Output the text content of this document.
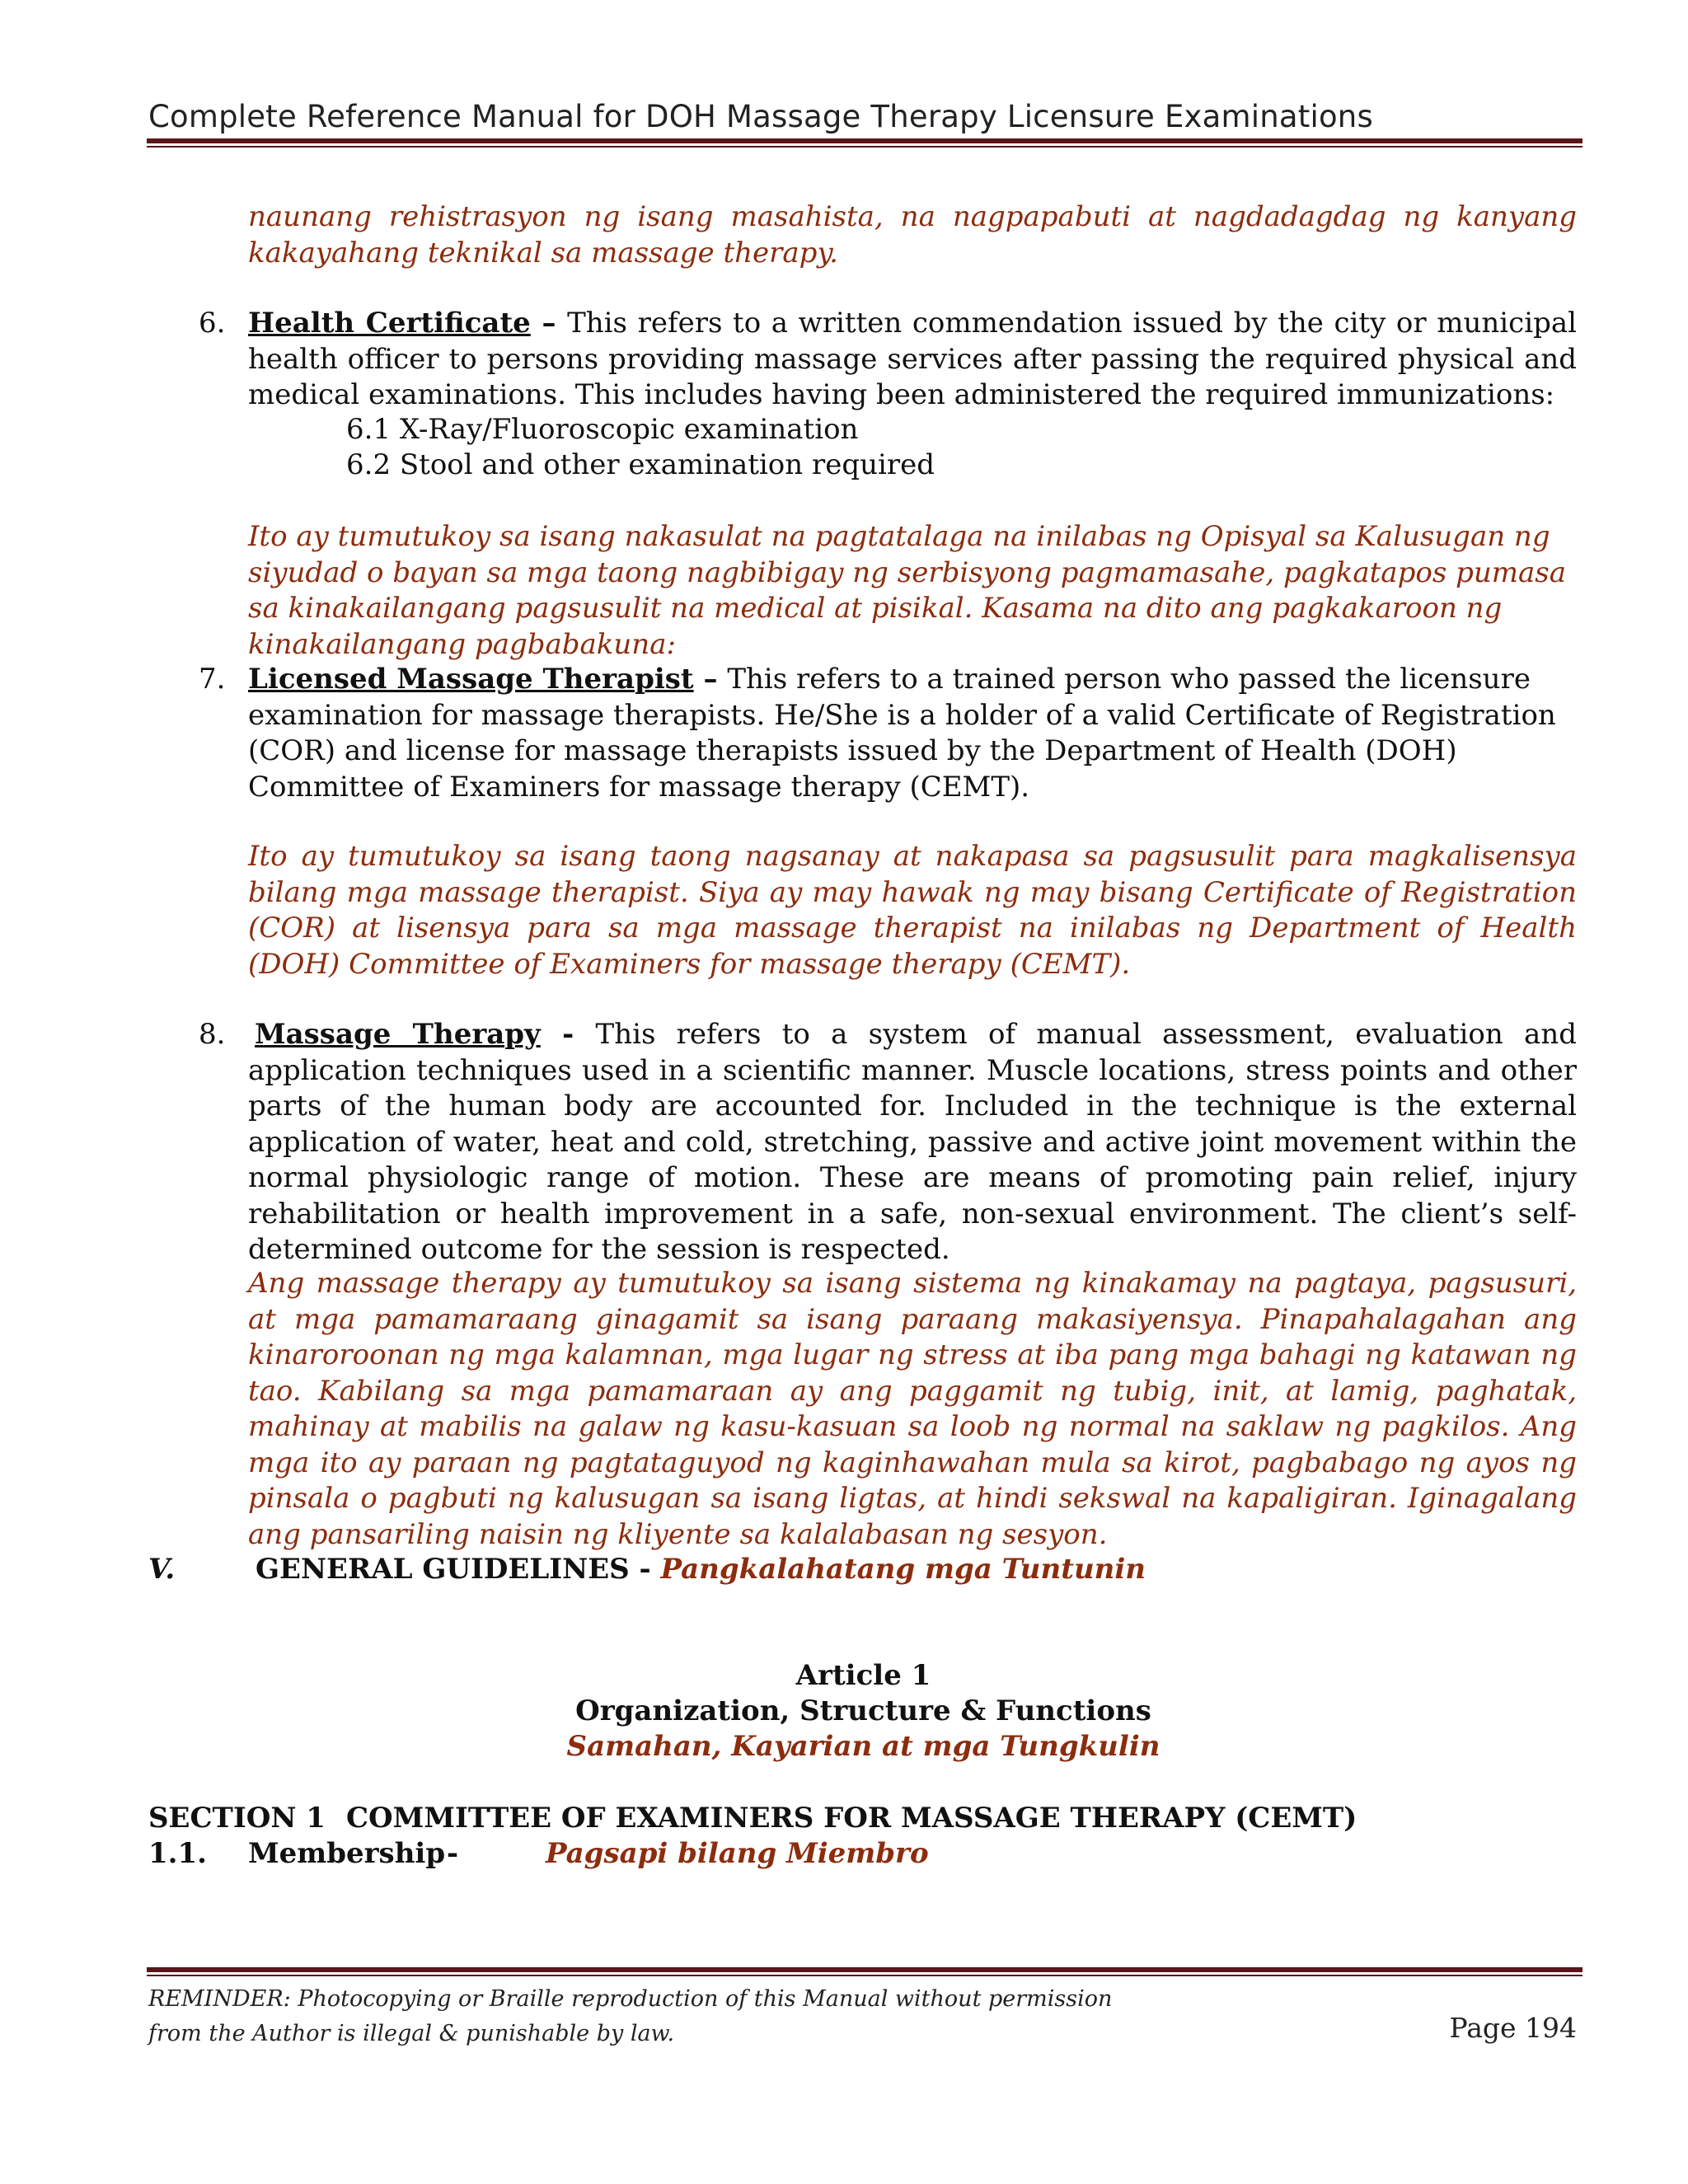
Complete Reference Manual for DOH Massage Therapy Licensure Examinations
naunang rehistrasyon ng isang masahista, na nagpapabuti at nagdadagdag ng kanyang kakayahang teknikal sa massage therapy.
6. Health Certificate – This refers to a written commendation issued by the city or municipal health officer to persons providing massage services after passing the required physical and medical examinations. This includes having been administered the required immunizations:
6.1 X-Ray/Fluoroscopic examination
6.2 Stool and other examination required
Ito ay tumutukoy sa isang nakasulat na pagtatalaga na inilabas ng Opisyal sa Kalusugan ng siyudad o bayan sa mga taong nagbibigay ng serbisyong pagmamasahe, pagkatapos pumasa sa kinakailangang pagsusulit na medical at pisikal. Kasama na dito ang pagkakaroon ng kinakailangang pagbabakuna:
7. Licensed Massage Therapist – This refers to a trained person who passed the licensure examination for massage therapists. He/She is a holder of a valid Certificate of Registration (COR) and license for massage therapists issued by the Department of Health (DOH) Committee of Examiners for massage therapy (CEMT).
Ito ay tumutukoy sa isang taong nagsanay at nakapasa sa pagsusulit para magkalisensya bilang mga massage therapist. Siya ay may hawak ng may bisang Certificate of Registration (COR) at lisensya para sa mga massage therapist na inilabas ng Department of Health (DOH) Committee of Examiners for massage therapy (CEMT).
8. Massage Therapy - This refers to a system of manual assessment, evaluation and application techniques used in a scientific manner. Muscle locations, stress points and other parts of the human body are accounted for. Included in the technique is the external application of water, heat and cold, stretching, passive and active joint movement within the normal physiologic range of motion. These are means of promoting pain relief, injury rehabilitation or health improvement in a safe, non-sexual environment. The client’s self-determined outcome for the session is respected.
Ang massage therapy ay tumutukoy sa isang sistema ng kinakamay na pagtaya, pagsusuri, at mga pamamaraang ginagamit sa isang paraang makasiyensya. Pinapahalagahan ang kinaroroonan ng mga kalamnan, mga lugar ng stress at iba pang mga bahagi ng katawan ng tao. Kabilang sa mga pamamaraan ay ang paggamit ng tubig, init, at lamig, paghatak, mahinay at mabilis na galaw ng kasu-kasuan sa loob ng normal na saklaw ng pagkilos. Ang mga ito ay paraan ng pagtataguyod ng kaginhawahan mula sa kirot, pagbabago ng ayos ng pinsala o pagbuti ng kalusugan sa isang ligtas, at hindi sekswal na kapaligiran. Iginagalang ang pansariling naisin ng kliyente sa kalalabasan ng sesyon.
V.	GENERAL GUIDELINES - Pangkalahatang mga Tuntunin
Article 1
Organization, Structure & Functions
Samahan, Kayarian at mga Tungkulin
SECTION 1 COMMITTEE OF EXAMINERS FOR MASSAGE THERAPY (CEMT)
1.1. Membership -	Pagsapi bilang Miembro
REMINDER: Photocopying or Braille reproduction of this Manual without permission
from the Author is illegal & punishable by law.	Page 194
